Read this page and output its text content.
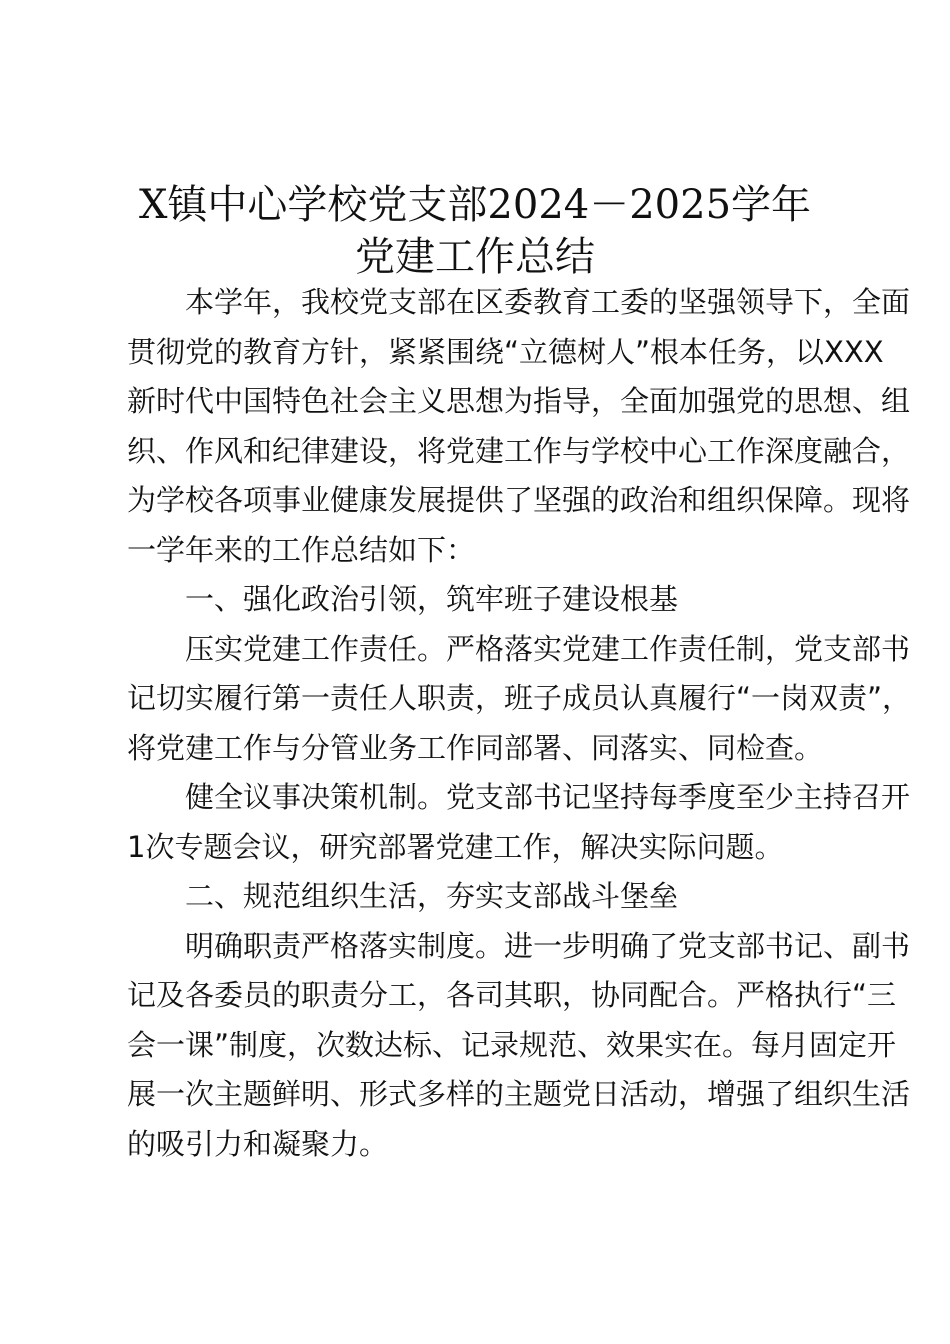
X镇中心学校党支部2024－2025学年
党建工作总结
本学年，我校党支部在区委教育工委的坚强领导下，全面
贯彻党的教育方针，紧紧围绕“立德树人”根本任务，以XXX
新时代中国特色社会主义思想为指导，全面加强党的思想、组
织、作风和纪律建设，将党建工作与学校中心工作深度融合，
为学校各项事业健康发展提供了坚强的政治和组织保障。现将
一学年来的工作总结如下：
一、强化政治引领，筑牢班子建设根基
压实党建工作责任。严格落实党建工作责任制，党支部书
记切实履行第一责任人职责，班子成员认真履行“一岗双责”，
将党建工作与分管业务工作同部署、同落实、同检查。
健全议事决策机制。党支部书记坚持每季度至少主持召开
1次专题会议，研究部署党建工作，解决实际问题。
二、规范组织生活，夯实支部战斗堡垒
明确职责严格落实制度。进一步明确了党支部书记、副书
记及各委员的职责分工，各司其职，协同配合。严格执行“三
会一课”制度，次数达标、记录规范、效果实在。每月固定开
展一次主题鲜明、形式多样的主题党日活动，增强了组织生活
的吸引力和凝聚力。
